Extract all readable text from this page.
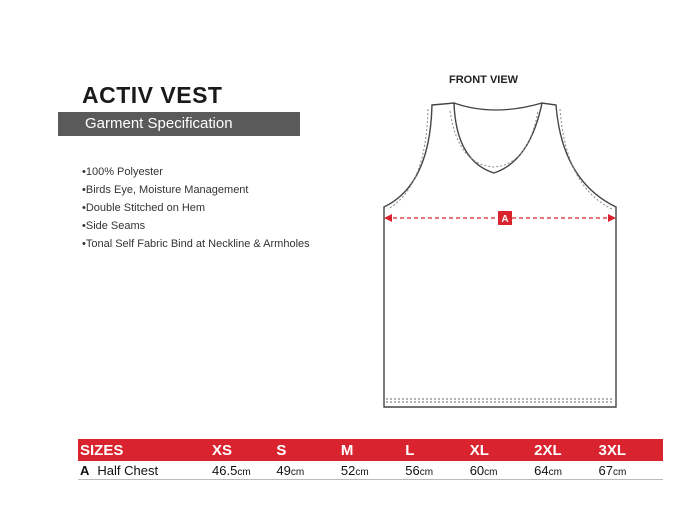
ACTIV VEST
Garment Specification
• 100% Polyester
• Birds Eye, Moisture Management
• Double Stitched on Hem
• Side Seams
• Tonal Self Fabric Bind at Neckline & Armholes
FRONT VIEW
A
SIZES	XS	S	M	L	XL	2XL	3XL
A Half Chest	46.5cm	49cm	52cm	56cm	60cm	64cm	67cm
